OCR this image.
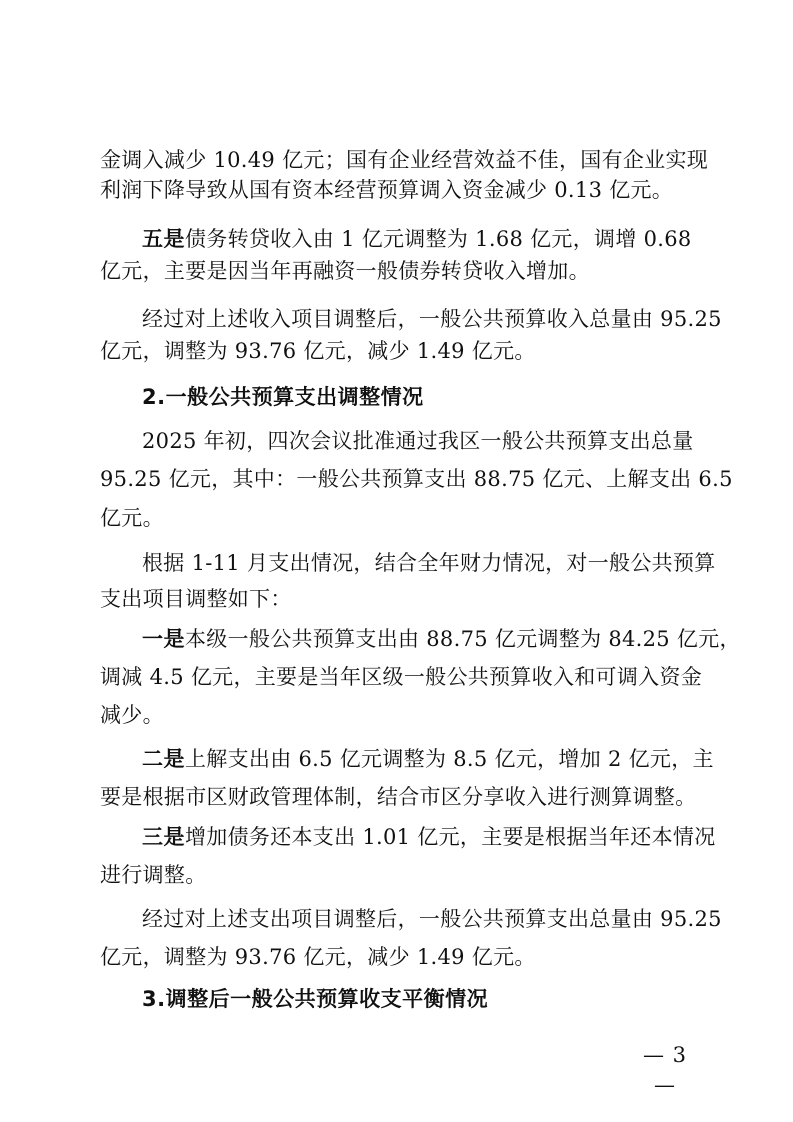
金调入减少 10.49 亿元；国有企业经营效益不佳，国有企业实现
利润下降导致从国有资本经营预算调入资金减少 0.13 亿元。
五是债务转贷收入由 1 亿元调整为 1.68 亿元，调增 0.68
亿元，主要是因当年再融资一般债券转贷收入增加。
经过对上述收入项目调整后，一般公共预算收入总量由 95.25
亿元，调整为 93.76 亿元，减少 1.49 亿元。
2.一般公共预算支出调整情况
2025 年初，四次会议批准通过我区一般公共预算支出总量
95.25 亿元，其中：一般公共预算支出 88.75 亿元、上解支出 6.5
亿元。
根据 1-11 月支出情况，结合全年财力情况，对一般公共预算
支出项目调整如下：
一是本级一般公共预算支出由 88.75 亿元调整为 84.25 亿元，
调减 4.5 亿元，主要是当年区级一般公共预算收入和可调入资金
减少。
二是上解支出由 6.5 亿元调整为 8.5 亿元，增加 2 亿元，主
要是根据市区财政管理体制，结合市区分享收入进行测算调整。
三是增加债务还本支出 1.01 亿元，主要是根据当年还本情况
进行调整。
经过对上述支出项目调整后，一般公共预算支出总量由 95.25
亿元，调整为 93.76 亿元，减少 1.49 亿元。
3.调整后一般公共预算收支平衡情况
— 3 —
